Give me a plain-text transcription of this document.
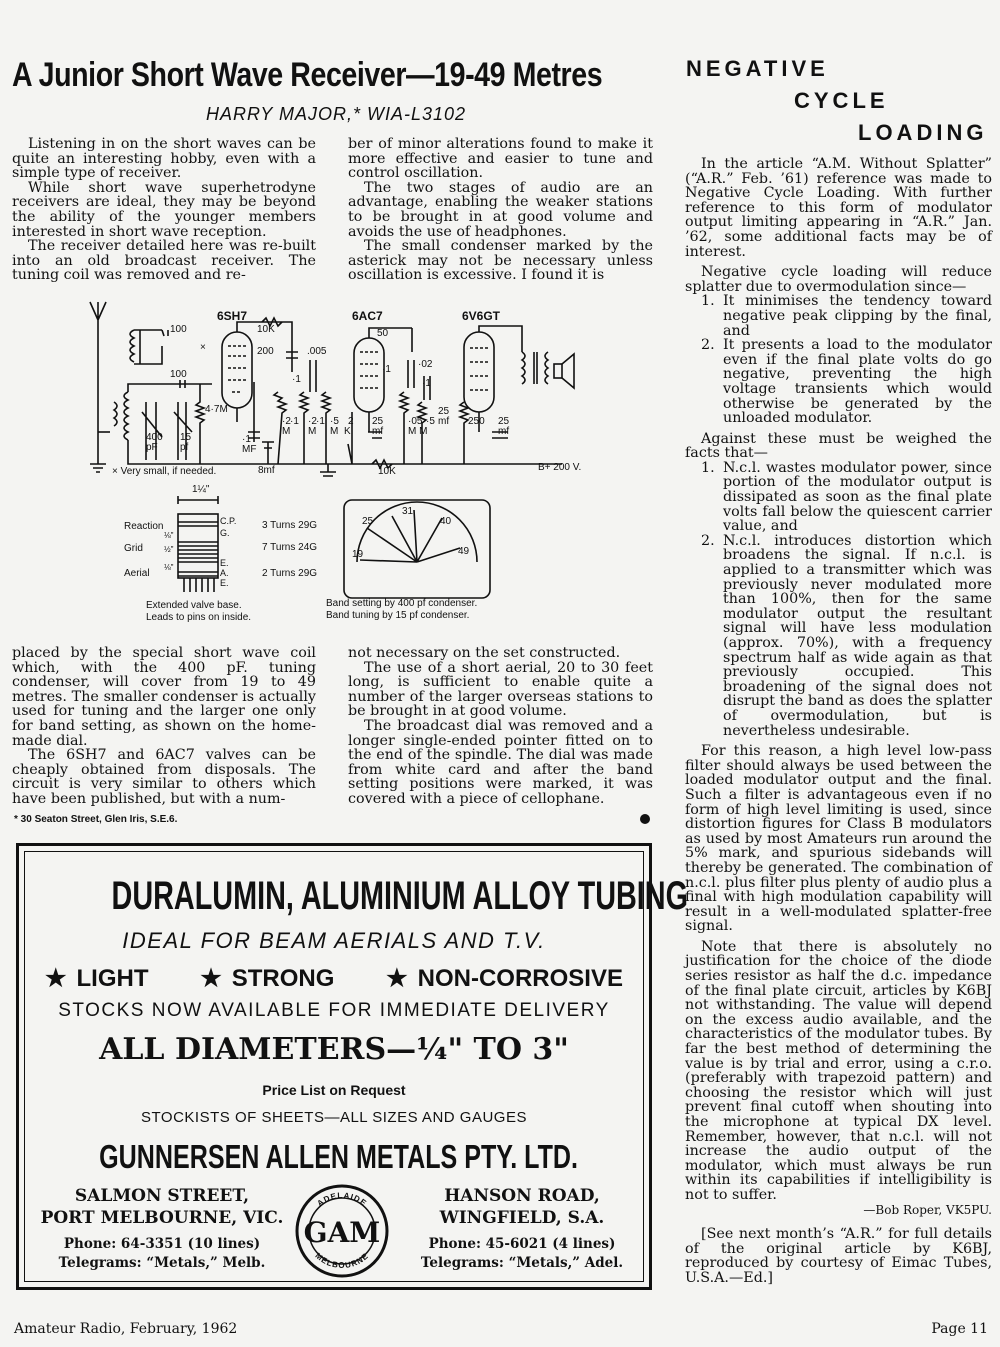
A Junior Short Wave Receiver—19-49 Metres
HARRY MAJOR,* WIA-L3102

Listening in on the short waves can be quite an interesting hobby, even with a simple type of receiver.

While short wave superhetrodyne receivers are ideal, they may be beyond the ability of the younger members interested in short wave reception.

The receiver detailed here was re-built into an old broadcast receiver. The tuning coil was removed and re-

ber of minor alterations found to make it more effective and easier to tune and control oscillation.

The two stages of audio are an advantage, enabling the weaker stations to be brought in at good volume and avoids the use of headphones.

The small condenser marked by the asterick may not be necessary unless oscillation is excessive. I found it is

100
×
100
400
pF
15
pf
4·7M
6SH7
10K
200	.005
·1
·1
MF
·2 ·1
M
·2 ·1
M
8mf
6AC7
50
·1
·5
M K
2 25
mf
·02
·1
·05 ·5
M M
10K
6V6GT
250 25
mf
25
mf
B+ 200 V.
× Very small, if needed.
1¼"
Reaction
Grid
Aerial
⅛"
½"
⅛"
C.P.
G.
E.
A.
E.
3 Turns 29G
7 Turns 24G
2 Turns 29G
Extended valve base.
Leads to pins on inside.
19
25
31
40
49
Band setting by 400 pf condenser.
Band tuning by 15 pf condenser.

placed by the special short wave coil which, with the 400 pF. tuning condenser, will cover from 19 to 49 metres. The smaller condenser is actually used for tuning and the larger one only for band setting, as shown on the home-made dial.

The 6SH7 and 6AC7 valves can be cheaply obtained from disposals. The circuit is very similar to others which have been published, but with a num-

not necessary on the set constructed.

The use of a short aerial, 20 to 30 feet long, is sufficient to enable quite a number of the larger overseas stations to be brought in at good volume.

The broadcast dial was removed and a longer single-ended pointer fitted on to the end of the spindle. The dial was made from white card and after the band setting positions were marked, it was covered with a piece of cellophane.

* 30 Seaton Street, Glen Iris, S.E.6.
NEGATIVE
CYCLE
LOADING

In the article “A.M. Without Splatter” (“A.R.” Feb. ’61) reference was made to Negative Cycle Loading. With further reference to this form of modulator output limiting appearing in “A.R.” Jan. ’62, some additional facts may be of interest.

Negative cycle loading will reduce splatter due to overmodulation since—

1. It minimises the tendency toward negative peak clipping by the final, and
2. It presents a load to the modulator even if the final plate volts do go negative, preventing the high voltage transients which would otherwise be generated by the unloaded modulator.

Against these must be weighed the facts that—

1. N.c.l. wastes modulator power, since portion of the modulator output is dissipated as soon as the final plate volts fall below the quiescent carrier value, and
2. N.c.l. introduces distortion which broadens the signal. If n.c.l. is applied to a transmitter which was previously never modulated more than 100%, then for the same modulator output the resultant signal will have less modulation (approx. 70%), with a frequency spectrum half as wide again as that previously occupied. This broadening of the signal does not disrupt the band as does the splatter of overmodulation, but is nevertheless undesirable.

For this reason, a high level low-pass filter should always be used between the loaded modulator output and the final. Such a filter is advantageous even if no form of high level limiting is used, since distortion figures for Class B modulators as used by most Amateurs run around the 5% mark, and spurious sidebands will thereby be generated. The combination of n.c.l. plus filter plus plenty of audio plus a final with high modulation capability will result in a well-modulated splatter-free signal.

Note that there is absolutely no justification for the choice of the diode series resistor as half the d.c. impedance of the final plate circuit, articles by K6BJ not withstanding. The value will depend on the excess audio available, and the characteristics of the modulator tubes. By far the best method of determining the value is by trial and error, using a c.r.o. (preferably with trapezoid pattern) and choosing the resistor which will just prevent final cutoff when shouting into the microphone at typical DX level. Remember, however, that n.c.l. will not increase the audio output of the modulator, which must always be run within its capabilities if intelligibility is not to suffer.

—Bob Roper, VK5PU.

[See next month’s “A.R.” for full details of the original article by K6BJ, reproduced by courtesy of Eimac Tubes, U.S.A.—Ed.]

DURALUMIN, ALUMINIUM ALLOY TUBING
IDEAL FOR BEAM AERIALS AND T.V.
★ LIGHT ★ STRONG ★ NON-CORROSIVE
STOCKS NOW AVAILABLE FOR IMMEDIATE DELIVERY
ALL DIAMETERS—¼" TO 3"
Price List on Request
STOCKISTS OF SHEETS—ALL SIZES AND GAUGES
GUNNERSEN ALLEN METALS PTY. LTD.
SALMON STREET,
PORT MELBOURNE, VIC.
Phone: 64-3351 (10 lines)
Telegrams: “Metals,” Melb.
ADELAIDE
MELBOURNE
GAM
HANSON ROAD,
WINGFIELD, S.A.
Phone: 45-6021 (4 lines)
Telegrams: “Metals,” Adel.
Amateur Radio, February, 1962	Page 11
